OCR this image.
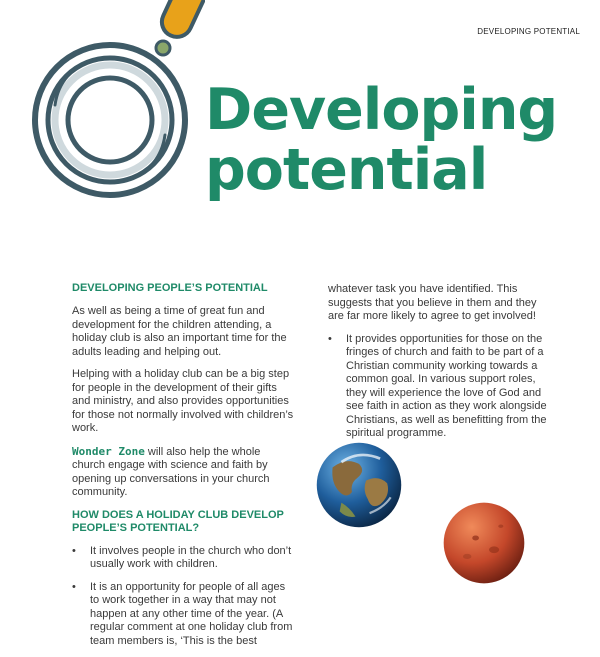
DEVELOPING POTENTIAL
Developing
potential
DEVELOPING PEOPLE’S POTENTIAL

As well as being a time of great fun and development for the children attending, a holiday club is also an important time for the adults leading and helping out.

Helping with a holiday club can be a big step for people in the development of their gifts and ministry, and also provides opportunities for those not normally involved with children’s work.

Wonder Zone will also help the whole church engage with science and faith by opening up conversations in your church community.

HOW DOES A HOLIDAY CLUB DEVELOP PEOPLE’S POTENTIAL?
• It involves people in the church who don’t usually work with children.
• It is an opportunity for people of all ages to work together in a way that may not happen at any other time of the year. (A regular comment at one holiday club from team members is, ‘This is the best

whatever task you have identified. This suggests that you believe in them and they are far more likely to agree to get involved!

• It provides opportunities for those on the fringes of church and faith to be part of a Christian community working towards a common goal. In various support roles, they will experience the love of God and see faith in action as they work alongside Christians, as well as benefitting from the spiritual programme.
